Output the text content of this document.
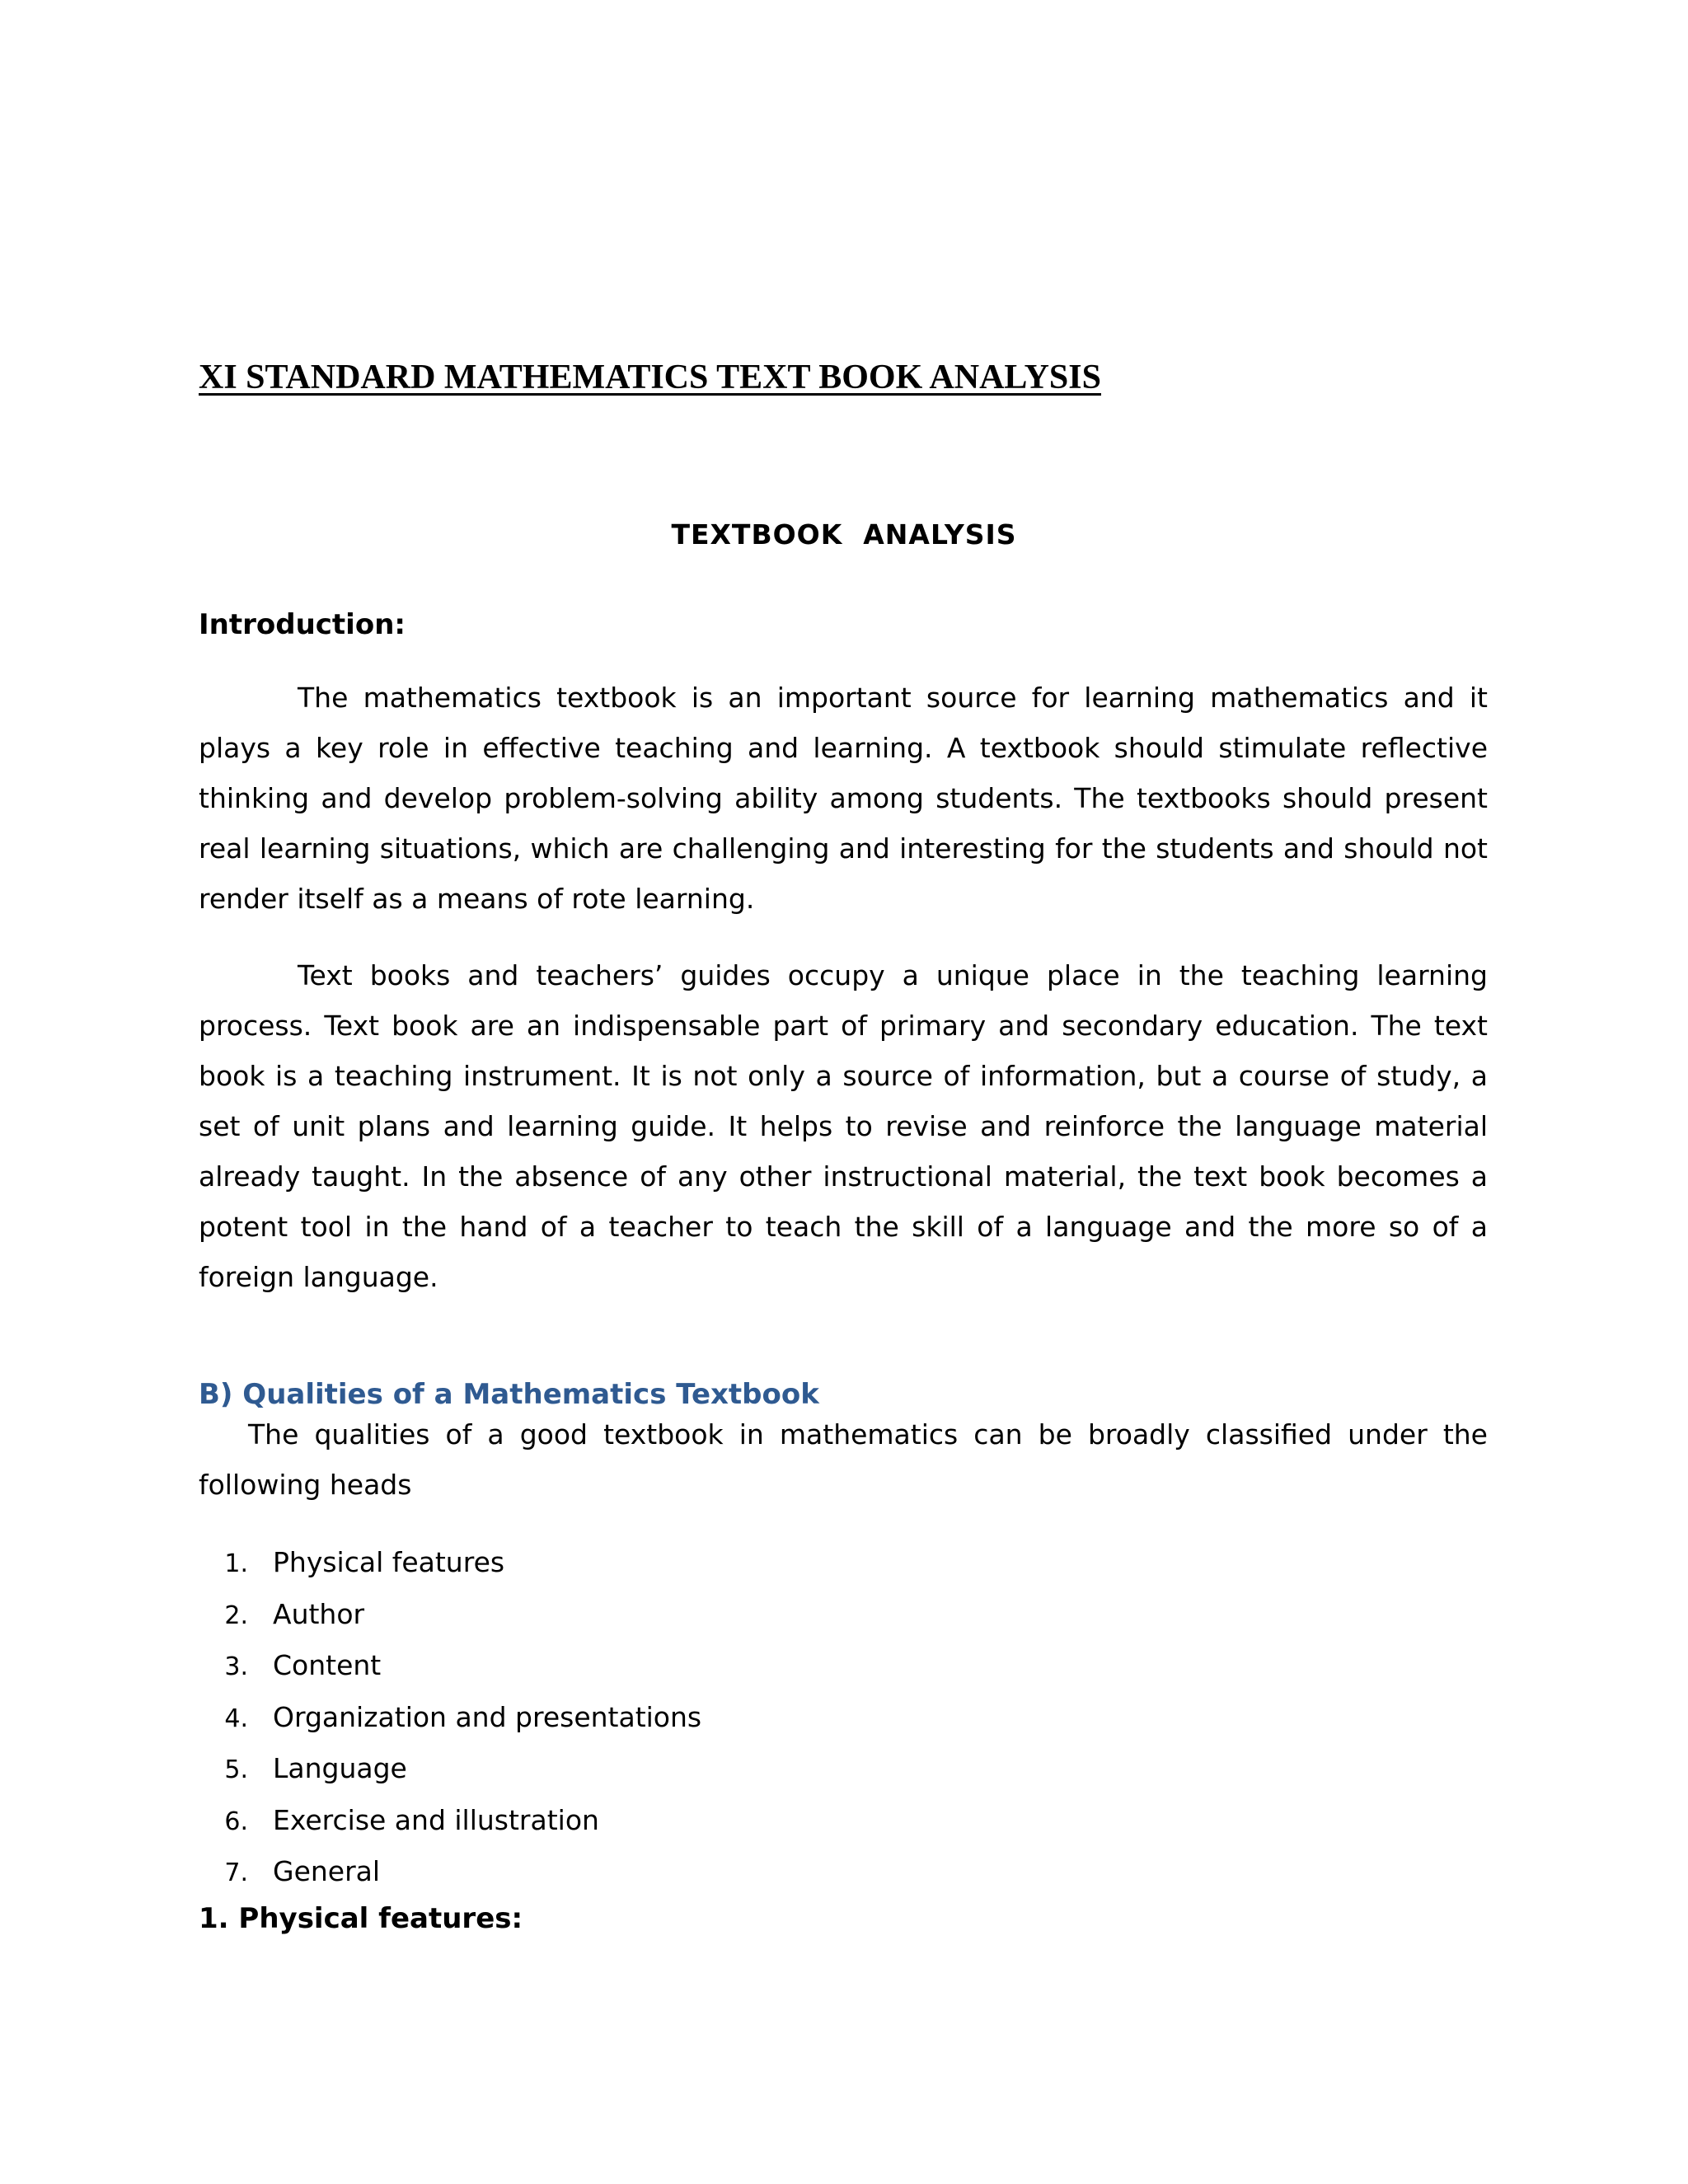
XI STANDARD MATHEMATICS TEXT BOOK ANALYSIS
TEXTBOOK  ANALYSIS
Introduction:

The mathematics textbook is an important source for learning mathematics and it plays a key role in effective teaching and learning. A textbook should stimulate reflective thinking and develop problem-solving ability among students. The textbooks should present real learning situations, which are challenging and interesting for the students and should not render itself as a means of rote learning.

Text books and teachers’ guides occupy a unique place in the teaching learning process. Text book are an indispensable part of primary and secondary education. The text book is a teaching instrument. It is not only a source of information, but a course of study, a set of unit plans and learning guide. It helps to revise and reinforce the language material already taught. In the absence of any other instructional material, the text book becomes a potent tool in the hand of a teacher to teach the skill of a language and the more so of a foreign language.

B) Qualities of a Mathematics Textbook

The qualities of a good textbook in mathematics can be broadly classified under the following heads

1. Physical features
2. Author
3. Content
4. Organization and presentations
5. Language
6. Exercise and illustration
7. General
1. Physical features:
